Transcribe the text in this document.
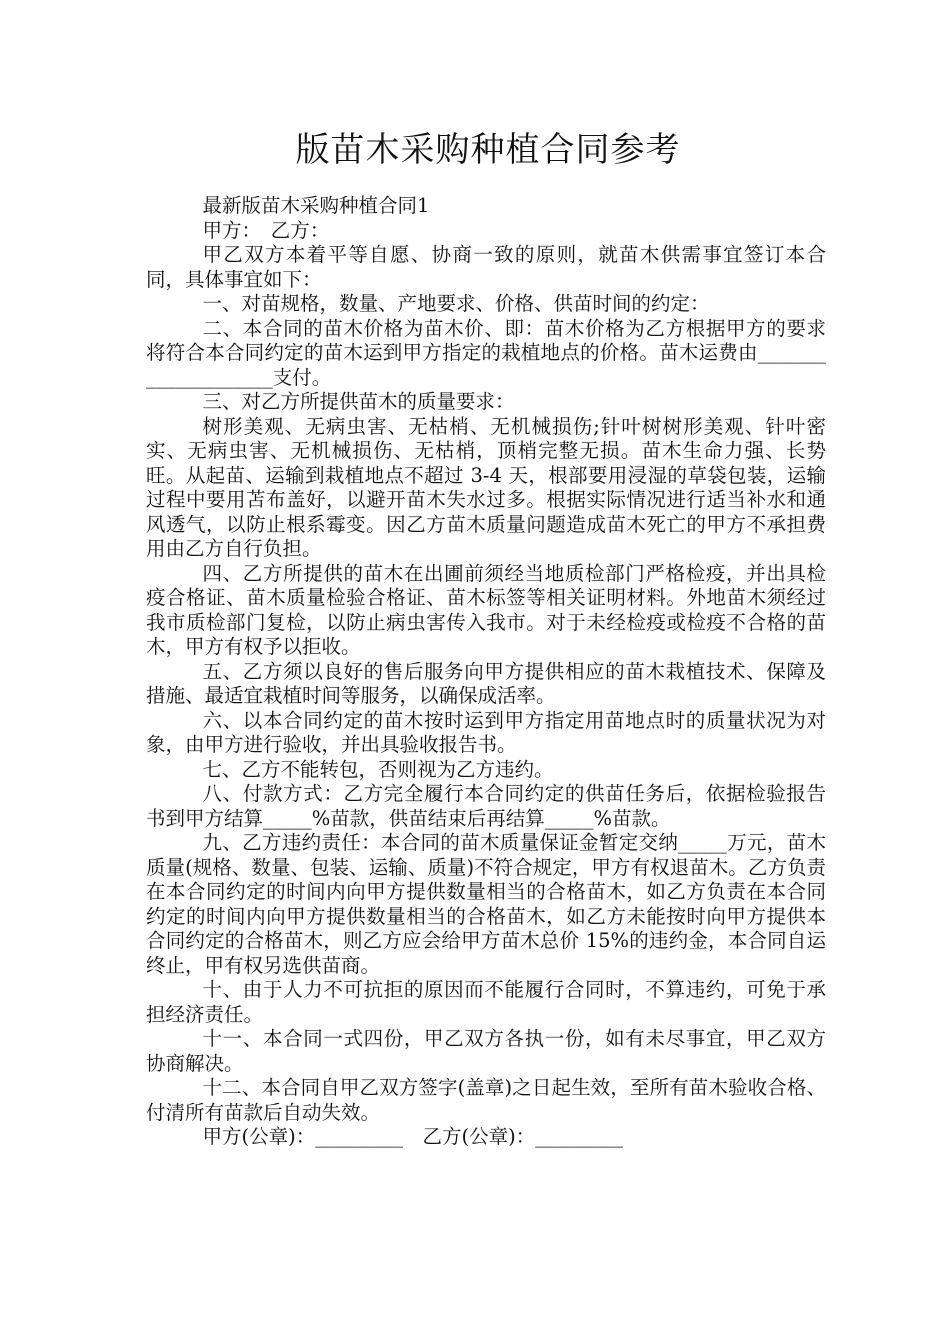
版苗木采购种植合同参考

最新版苗木采购种植合同1

甲方：　乙方：

甲乙双方本着平等自愿、协商一致的原则，就苗木供需事宜签订本合同，具体事宜如下：

一、对苗规格，数量、产地要求、价格、供苗时间的约定：

二、本合同的苗木价格为苗木价、即：苗木价格为乙方根据甲方的要求将符合本合同约定的苗木运到甲方指定的栽植地点的价格。苗木运费由____________________支付。

三、对乙方所提供苗木的质量要求：

树形美观、无病虫害、无枯梢、无机械损伤;针叶树树形美观、针叶密实、无病虫害、无机械损伤、无枯梢，顶梢完整无损。苗木生命力强、长势旺。从起苗、运输到栽植地点不超过 3-4 天，根部要用浸湿的草袋包装，运输过程中要用苫布盖好，以避开苗木失水过多。根据实际情况进行适当补水和通风透气，以防止根系霉变。因乙方苗木质量问题造成苗木死亡的甲方不承担费用由乙方自行负担。

四、乙方所提供的苗木在出圃前须经当地质检部门严格检疫，并出具检疫合格证、苗木质量检验合格证、苗木标签等相关证明材料。外地苗木须经过我市质检部门复检，以防止病虫害传入我市。对于未经检疫或检疫不合格的苗木，甲方有权予以拒收。

五、乙方须以良好的售后服务向甲方提供相应的苗木栽植技术、保障及措施、最适宜栽植时间等服务，以确保成活率。

六、以本合同约定的苗木按时运到甲方指定用苗地点时的质量状况为对象，由甲方进行验收，并出具验收报告书。

七、乙方不能转包，否则视为乙方违约。

八、付款方式：乙方完全履行本合同约定的供苗任务后，依据检验报告书到甲方结算_____%苗款，供苗结束后再结算_____%苗款。

九、乙方违约责任：本合同的苗木质量保证金暂定交纳_____万元，苗木质量(规格、数量、包装、运输、质量)不符合规定，甲方有权退苗木。乙方负责在本合同约定的时间内向甲方提供数量相当的合格苗木，如乙方负责在本合同约定的时间内向甲方提供数量相当的合格苗木，如乙方未能按时向甲方提供本合同约定的合格苗木，则乙方应会给甲方苗木总价 15%的违约金，本合同自运终止，甲有权另选供苗商。

十、由于人力不可抗拒的原因而不能履行合同时，不算违约，可免于承担经济责任。

十一、本合同一式四份，甲乙双方各执一份，如有未尽事宜，甲乙双方协商解决。

十二、本合同自甲乙双方签字(盖章)之日起生效，至所有苗木验收合格、付清所有苗款后自动失效。

甲方(公章)：_________　乙方(公章)：_________
